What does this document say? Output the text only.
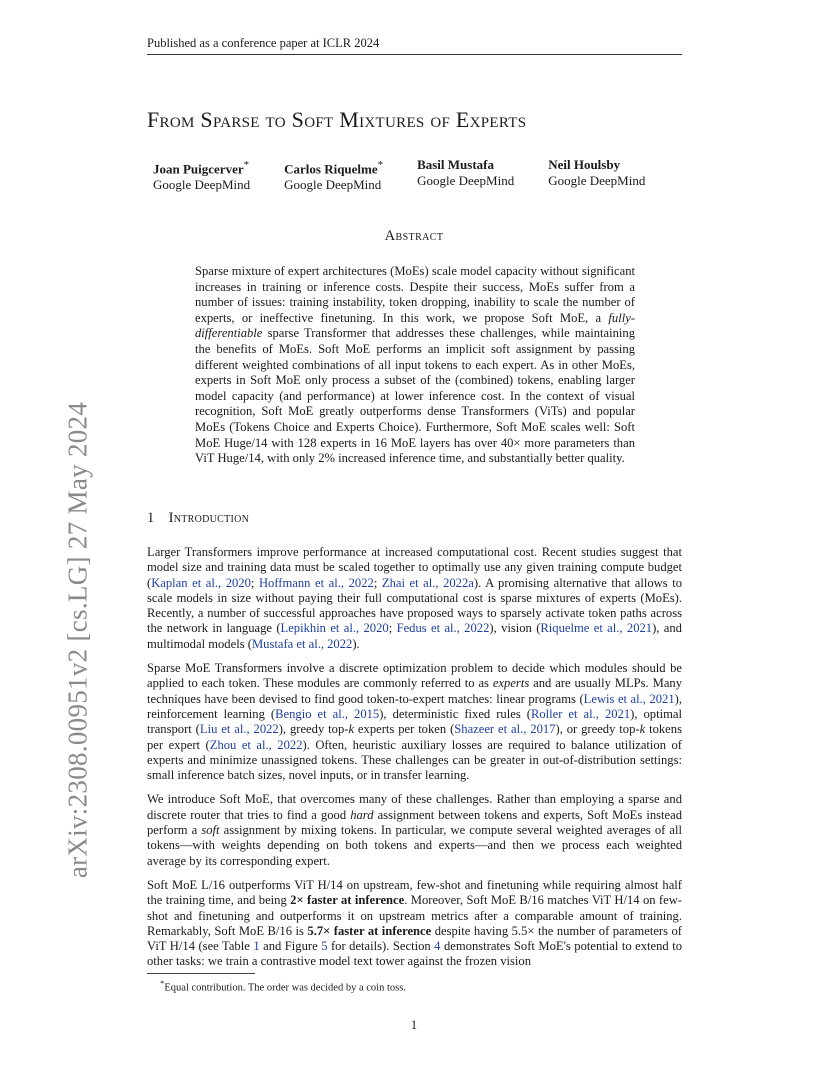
Published as a conference paper at ICLR 2024
arXiv:2308.00951v2 [cs.LG] 27 May 2024
From Sparse to Soft Mixtures of Experts
Joan Puigcerver*
Google DeepMind
Carlos Riquelme*
Google DeepMind
Basil Mustafa
Google DeepMind
Neil Houlsby
Google DeepMind
Abstract

Sparse mixture of expert architectures (MoEs) scale model capacity without significant increases in training or inference costs. Despite their success, MoEs suffer from a number of issues: training instability, token dropping, inability to scale the number of experts, or ineffective finetuning. In this work, we propose Soft MoE, a fully-differentiable sparse Transformer that addresses these challenges, while maintaining the benefits of MoEs. Soft MoE performs an implicit soft assignment by passing different weighted combinations of all input tokens to each expert. As in other MoEs, experts in Soft MoE only process a subset of the (combined) tokens, enabling larger model capacity (and performance) at lower inference cost. In the context of visual recognition, Soft MoE greatly outperforms dense Transformers (ViTs) and popular MoEs (Tokens Choice and Experts Choice). Furthermore, Soft MoE scales well: Soft MoE Huge/14 with 128 experts in 16 MoE layers has over 40× more parameters than ViT Huge/14, with only 2% increased inference time, and substantially better quality.

1 Introduction

Larger Transformers improve performance at increased computational cost. Recent studies suggest that model size and training data must be scaled together to optimally use any given training compute budget (Kaplan et al., 2020; Hoffmann et al., 2022; Zhai et al., 2022a). A promising alternative that allows to scale models in size without paying their full computational cost is sparse mixtures of experts (MoEs). Recently, a number of successful approaches have proposed ways to sparsely activate token paths across the network in language (Lepikhin et al., 2020; Fedus et al., 2022), vision (Riquelme et al., 2021), and multimodal models (Mustafa et al., 2022).

Sparse MoE Transformers involve a discrete optimization problem to decide which modules should be applied to each token. These modules are commonly referred to as experts and are usually MLPs. Many techniques have been devised to find good token-to-expert matches: linear programs (Lewis et al., 2021), reinforcement learning (Bengio et al., 2015), deterministic fixed rules (Roller et al., 2021), optimal transport (Liu et al., 2022), greedy top-k experts per token (Shazeer et al., 2017), or greedy top-k tokens per expert (Zhou et al., 2022). Often, heuristic auxiliary losses are required to balance utilization of experts and minimize unassigned tokens. These challenges can be greater in out-of-distribution settings: small inference batch sizes, novel inputs, or in transfer learning.

We introduce Soft MoE, that overcomes many of these challenges. Rather than employing a sparse and discrete router that tries to find a good hard assignment between tokens and experts, Soft MoEs instead perform a soft assignment by mixing tokens. In particular, we compute several weighted averages of all tokens—with weights depending on both tokens and experts—and then we process each weighted average by its corresponding expert.

Soft MoE L/16 outperforms ViT H/14 on upstream, few-shot and finetuning while requiring almost half the training time, and being 2× faster at inference. Moreover, Soft MoE B/16 matches ViT H/14 on few-shot and finetuning and outperforms it on upstream metrics after a comparable amount of training. Remarkably, Soft MoE B/16 is 5.7× faster at inference despite having 5.5× the number of parameters of ViT H/14 (see Table 1 and Figure 5 for details). Section 4 demonstrates Soft MoE's potential to extend to other tasks: we train a contrastive model text tower against the frozen vision

*Equal contribution. The order was decided by a coin toss.
1
